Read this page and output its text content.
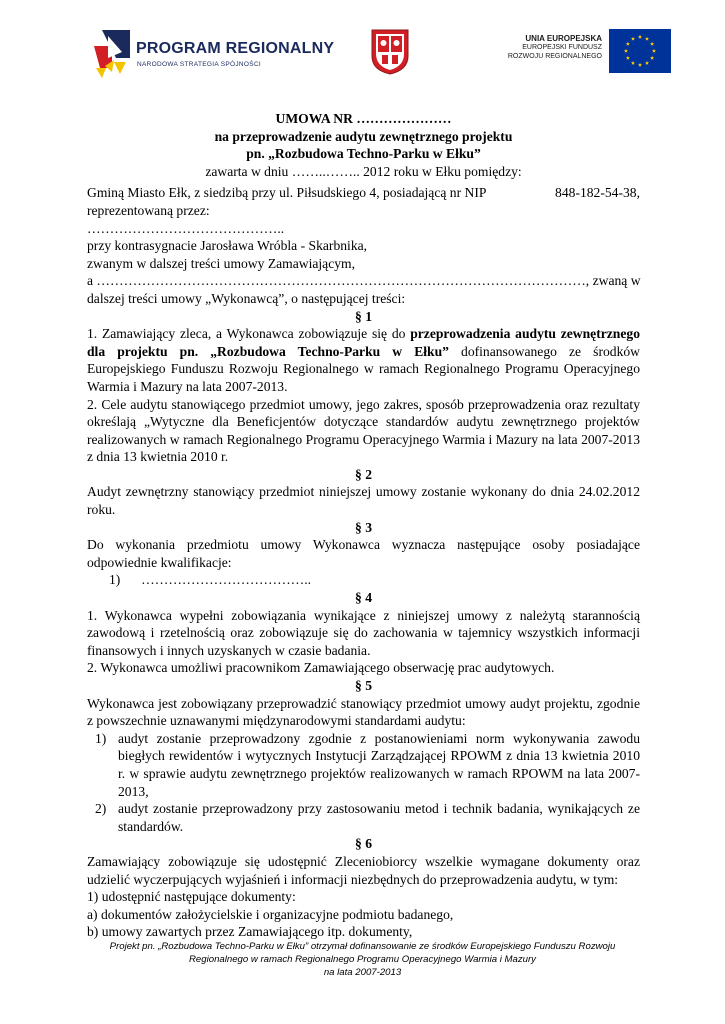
PROGRAM REGIONALNY
NARODOWA STRATEGIA SPÓJNOŚCI
UNIA EUROPEJSKA
EUROPEJSKI FUNDUSZ
ROZWOJU REGIONALNEGO

UMOWA NR …………………

na przeprowadzenie audytu zewnętrznego projektu

pn. „Rozbudowa Techno-Parku w Ełku”

zawarta w dniu ……..…….. 2012 roku w Ełku pomiędzy:

Gminą Miasto Ełk, z siedzibą przy ul. Piłsudskiego 4, posiadającą nr NIP	848-182-54-38,

reprezentowaną przez:

……………………………………..

przy kontrasygnacie Jarosława Wróbla - Skarbnika,

zwanym w dalszej treści umowy Zamawiającym,

a ………………………………………………………………………………………………, zwaną w

dalszej treści umowy „Wykonawcą”, o następującej treści:

§ 1

1. Zamawiający zleca, a Wykonawca zobowiązuje się do przeprowadzenia audytu zewnętrznego dla projektu pn. „Rozbudowa Techno-Parku w Ełku” dofinansowanego ze środków Europejskiego Funduszu Rozwoju Regionalnego w ramach Regionalnego Programu Operacyjnego Warmia i Mazury na lata 2007-2013.

2. Cele audytu stanowiącego przedmiot umowy, jego zakres, sposób przeprowadzenia oraz rezultaty określają „Wytyczne dla Beneficjentów dotyczące standardów audytu zewnętrznego projektów realizowanych w ramach Regionalnego Programu Operacyjnego Warmia i Mazury na lata 2007-2013 z dnia 13 kwietnia 2010 r.

§ 2

Audyt zewnętrzny stanowiący przedmiot niniejszej umowy zostanie wykonany do dnia 24.02.2012 roku.

§ 3

Do wykonania przedmiotu umowy Wykonawca wyznacza następujące osoby posiadające odpowiednie kwalifikacje:

1) ………………………………..

§ 4

1. Wykonawca wypełni zobowiązania wynikające z niniejszej umowy z należytą starannością zawodową i rzetelnością oraz zobowiązuje się do zachowania w tajemnicy wszystkich informacji finansowych i innych uzyskanych w czasie badania.

2. Wykonawca umożliwi pracownikom Zamawiającego obserwację prac audytowych.

§ 5

Wykonawca jest zobowiązany przeprowadzić stanowiący przedmiot umowy audyt projektu, zgodnie z powszechnie uznawanymi międzynarodowymi standardami audytu:

1) audyt zostanie przeprowadzony zgodnie z postanowieniami norm wykonywania zawodu biegłych rewidentów i wytycznych Instytucji Zarządzającej RPOWM z dnia 13 kwietnia 2010 r. w sprawie audytu zewnętrznego projektów realizowanych w ramach RPOWM na lata 2007-2013,

2) audyt zostanie przeprowadzony przy zastosowaniu metod i technik badania, wynikających ze standardów.

§ 6

Zamawiający zobowiązuje się udostępnić Zleceniobiorcy wszelkie wymagane dokumenty oraz udzielić wyczerpujących wyjaśnień i informacji niezbędnych do przeprowadzenia audytu, w tym:

1) udostępnić następujące dokumenty:

a) dokumentów założycielskie i organizacyjne podmiotu badanego,

b) umowy zawartych przez Zamawiającego itp. dokumenty,

Projekt pn. „Rozbudowa Techno-Parku w Ełku” otrzymał dofinansowanie ze środków Europejskiego Funduszu Rozwoju
Regionalnego w ramach Regionalnego Programu Operacyjnego Warmia i Mazury
na lata 2007-2013
